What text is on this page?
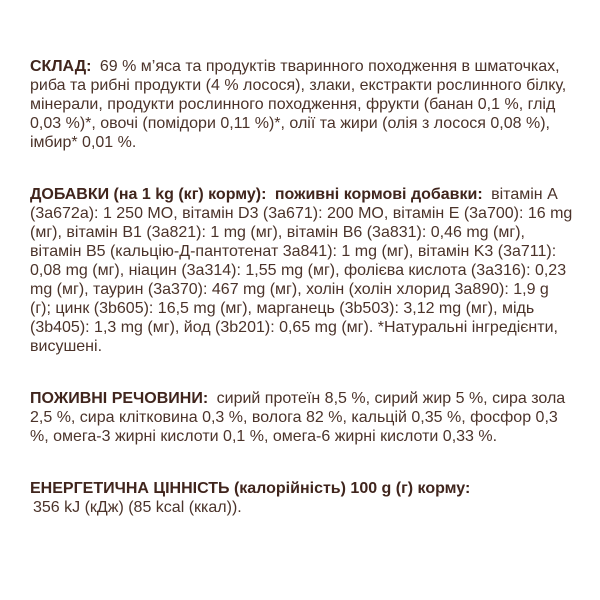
СКЛАД: 69 % м’яса та продуктів тваринного походження в шматочках, риба та рибні продукти (4 % лосося), злаки, екстракти рослинного білку, мінерали, продукти рослинного походження, фрукти (банан 0,1 %, глід 0,03 %)*, овочі (помідори 0,11 %)*, олії та жири (олія з лосося 0,08 %), імбир* 0,01 %.

ДОБАВКИ (на 1 kg (кг) корму): поживні кормові добавки: вітамін A (3a672a): 1 250 МО, вітамін D3 (3a671): 200 МО, вітамін E (3a700): 16 mg (мг), вітамін B1 (3a821): 1 mg (мг), вітамін B6 (3a831): 0,46 mg (мг), вітамін B5 (кальцію-Д-пантотенат 3a841): 1 mg (мг), вітамін K3 (3a711): 0,08 mg (мг), ніацин (3a314): 1,55 mg (мг), фолієва кислота (3a316): 0,23 mg (мг), таурин (3a370): 467 mg (мг), холін (холін хлорид 3a890): 1,9 g (г); цинк (3b605): 16,5 mg (мг), марганець (3b503): 3,12 mg (мг), мідь (3b405): 1,3 mg (мг), йод (3b201): 0,65 mg (мг). *Натуральні інгредієнти, висушені.

ПОЖИВНІ РЕЧОВИНИ: сирий протеїн 8,5 %, сирий жир 5 %, сира зола 2,5 %, сира клітковина 0,3 %, волога 82 %, кальцій 0,35 %, фосфор 0,3 %, омега-3 жирні кислоти 0,1 %, омега-6 жирні кислоти 0,33 %.

ЕНЕРГЕТИЧНА ЦІННІСТЬ (калорійність) 100 g (г) корму:
356 kJ (кДж) (85 kcal (ккал)).
